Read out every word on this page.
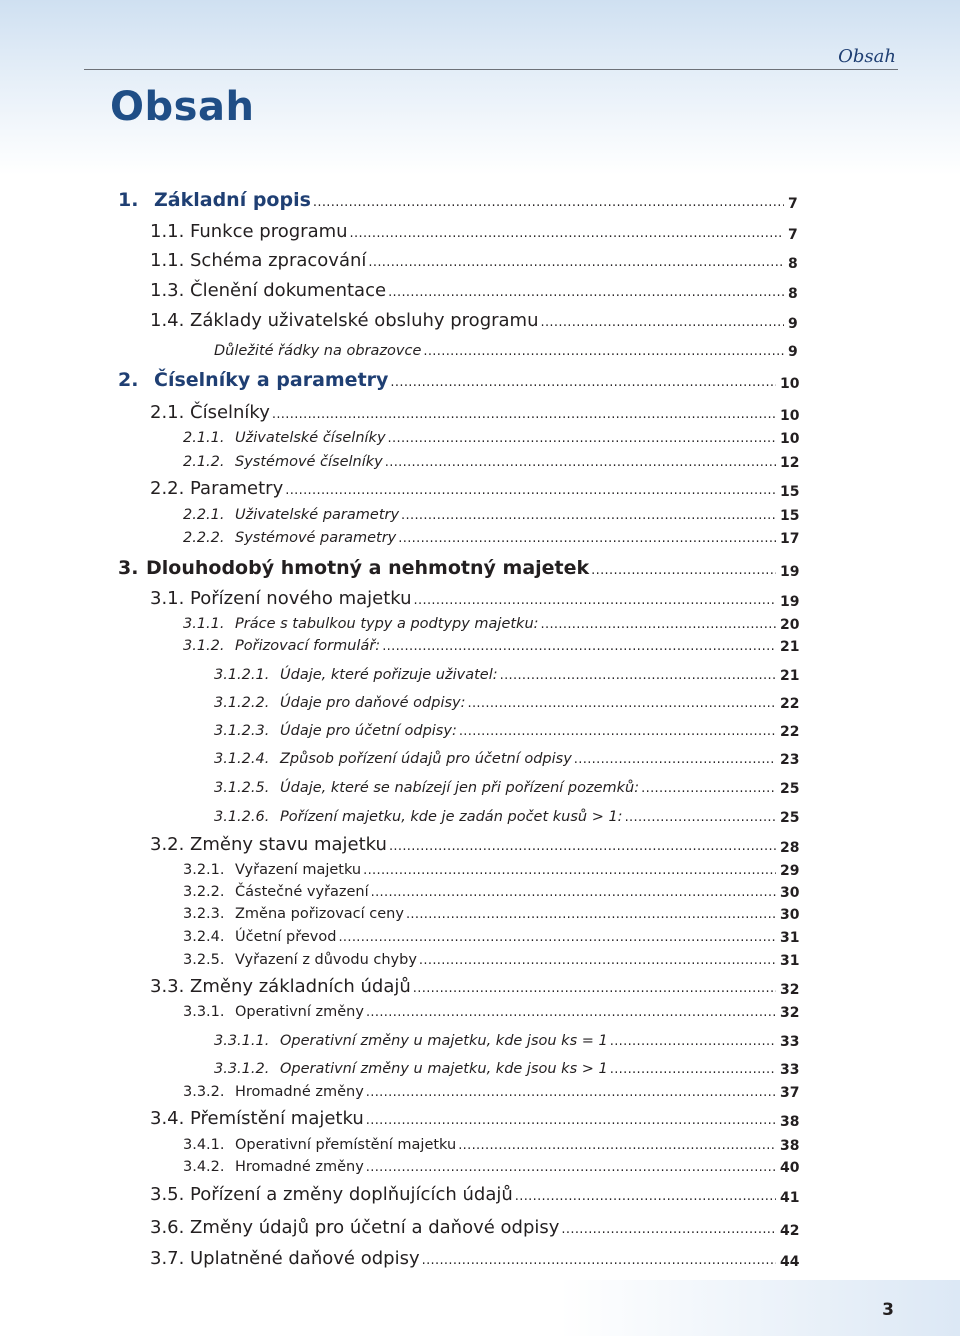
Obsah
Obsah
1. Základní popis . . .	7
1.1. Funkce programu . . .	7
1.1. Schéma zpracování . . .	8
1.3. Členění dokumentace . . .	8
1.4. Základy uživatelské obsluhy programu . . .	9
Důležité řádky na obrazovce . . .	9
2. Číselníky a parametry . . .	10
2.1. Číselníky . . .	10
2.1.1. Uživatelské číselníky . . .	10
2.1.2. Systémové číselníky . . .	12
2.2. Parametry . . .	15
2.2.1. Uživatelské parametry . . .	15
2.2.2. Systémové parametry . . .	17
3. Dlouhodobý hmotný a nehmotný majetek . . .	19
3.1. Pořízení nového majetku . . .	19
3.1.1. Práce s tabulkou typy a podtypy majetku: . . .	20
3.1.2. Pořizovací formulář: . . .	21
3.1.2.1. Údaje, které pořizuje uživatel: . . .	21
3.1.2.2. Údaje pro daňové odpisy: . . .	22
3.1.2.3. Údaje pro účetní odpisy: . . .	22
3.1.2.4. Způsob pořízení údajů pro účetní odpisy . . .	23
3.1.2.5. Údaje, které se nabízejí jen při pořízení pozemků: . . .	25
3.1.2.6. Pořízení majetku, kde je zadán počet kusů > 1: . . .	25
3.2. Změny stavu majetku . . .	28
3.2.1. Vyřazení majetku . . .	29
3.2.2. Částečné vyřazení . . .	30
3.2.3. Změna pořizovací ceny . . .	30
3.2.4. Účetní převod . . .	31
3.2.5. Vyřazení z důvodu chyby . . .	31
3.3. Změny základních údajů . . .	32
3.3.1. Operativní změny . . .	32
3.3.1.1. Operativní změny u majetku, kde jsou ks = 1 . . .	33
3.3.1.2. Operativní změny u majetku, kde jsou ks > 1 . . .	33
3.3.2. Hromadné změny . . .	37
3.4. Přemístění majetku . . .	38
3.4.1. Operativní přemístění majetku . . .	38
3.4.2. Hromadné změny . . .	40
3.5. Pořízení a změny doplňujících údajů . . .	41
3.6. Změny údajů pro účetní a daňové odpisy . . .	42
3.7. Uplatněné daňové odpisy . . .	44
3
